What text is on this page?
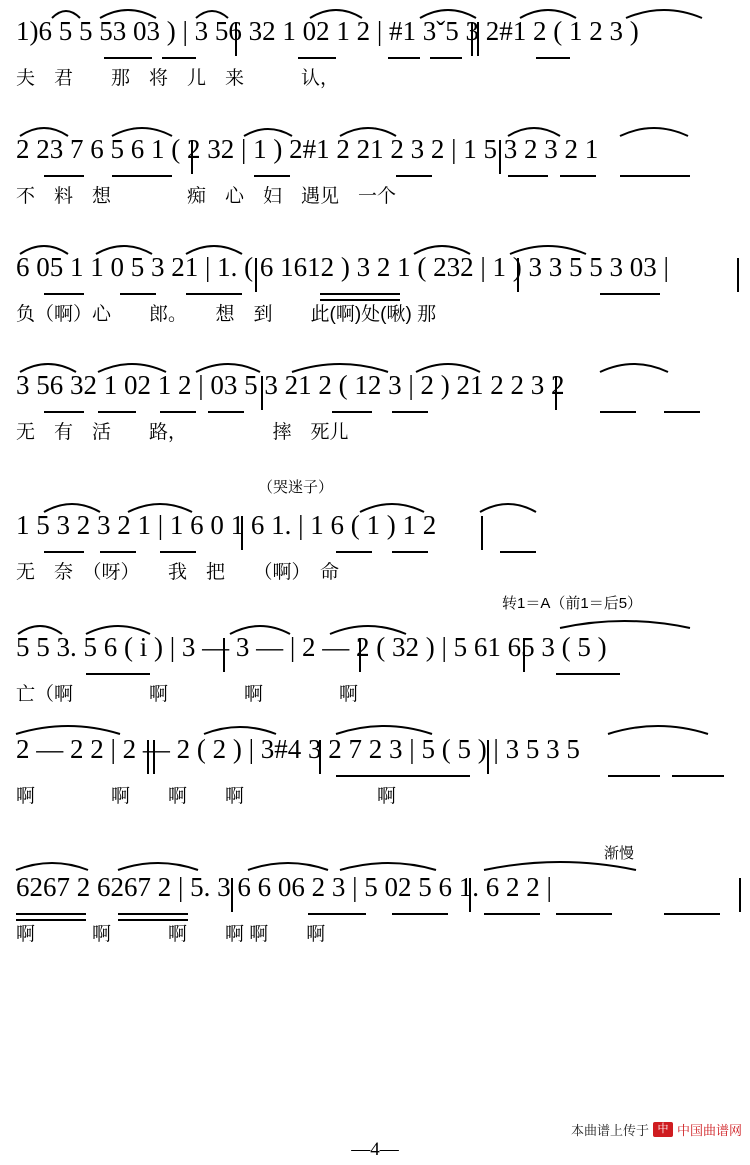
1)6 5 5 53 03 ) | 3 56 32 1 02 1 2 | #1 3ˇ5 3 2#1 2 ( 1 2 3 )
夫　君　　那　将　儿　来　　　认，
2 23 7 6 5 6 1 ( 2 32 | 1 ) 2#1 2 21 2 3 2 | 1 5 3 2 3 2 1
不　料　想　　　　痴　心　妇　遇见　一个
6 05 1 1 0 5 3 21 | 1. ( 6 1612 ) 3 2 1 ( 232 | 1 ) 3 3 5 5 3 03 |
负（啊）心　　郎。　　想　到　　此(啊)处(啾) 那
3 56 32 1 02 1 2 | 03 5 3 21 2 ( 12 3 | 2 ) 21 2 2 3 2
无　有　活　　路，　　　　　摔　死儿
（哭迷子）
1 5 3 2 3 2 1 | 1 6 0 1 6 1. | 1 6 ( 1 ) 1 2
无　奈　（呀）　　我　把　　（啊）　命
转1＝A（前1＝后5）
5 5 3. 5 6 ( i ) | 3 — 3 — | 2 — 2 ( 32 ) | 5 61 65 3 ( 5 )
亡（啊　　　　啊　　　　啊　　　　啊
2 — 2 2 | 2 — 2 ( 2 ) | 3#4 3 2 7 2 3 | 5 ( 5 ) | 3 5 3 5
啊　　　　啊　　啊　　啊　　　　　　　啊
渐慢
6267 2 6267 2 | 5. 3 6 6 06 2 3 | 5 02 5 6 1. 6 2 2 |
啊　　　啊　　　啊　　啊 啊　　啊
本曲谱上传于 中国
中国曲谱网
—4—
